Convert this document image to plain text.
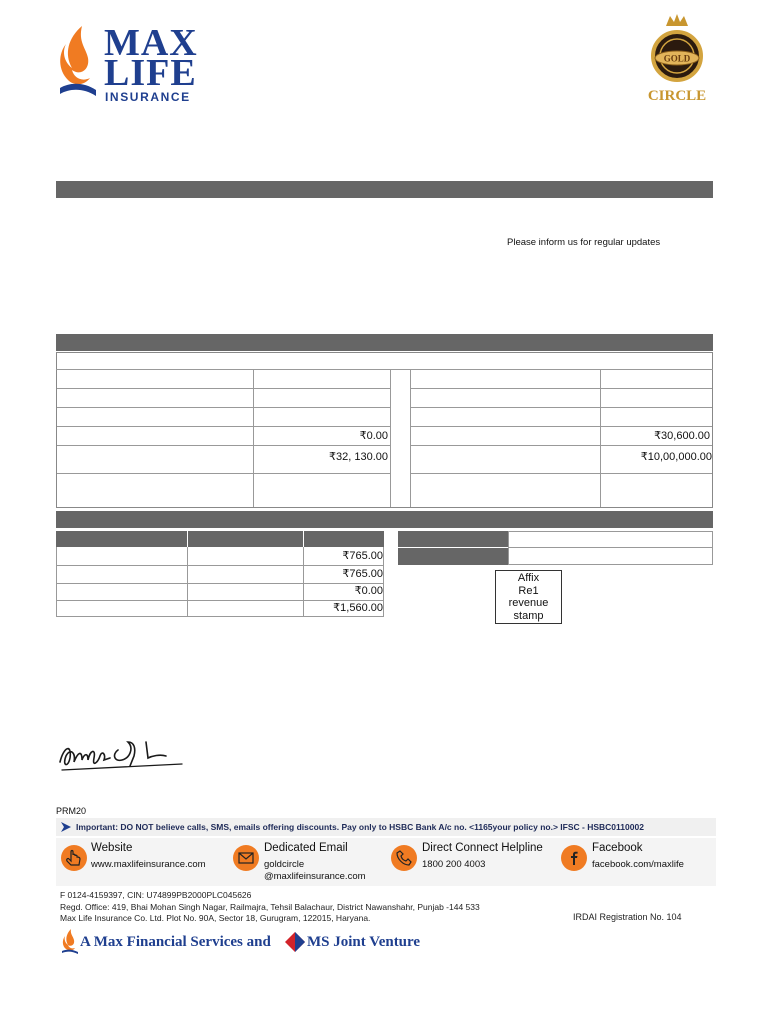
MAX
LIFE
INSURANCE
GOLD
CIRCLE
Please inform us for regular updates
₹0.00
₹32, 130.00
₹30,600.00
₹10,00,000.00
₹765.00
₹765.00
₹0.00
₹1,560.00
Affix
Re1
revenue
stamp
PRM20
Important: DO NOT believe calls, SMS, emails offering discounts. Pay only to HSBC Bank A/c no. <1165your policy no.> IFSC - HSBC0110002
Website
www.maxlifeinsurance.com
Dedicated Email
goldcircle
@maxlifeinsurance.com
Direct Connect Helpline
1800 200 4003
Facebook
facebook.com/maxlife
F 0124-4159397, CIN: U74899PB2000PLC045626
Regd. Office: 419, Bhai Mohan Singh Nagar, Railmajra, Tehsil Balachaur, District Nawanshahr, Punjab -144 533
Max Life Insurance Co. Ltd. Plot No. 90A, Sector 18, Gurugram, 122015, Haryana.	IRDAI Registration No. 104
A Max Financial Services and MS Joint Venture
